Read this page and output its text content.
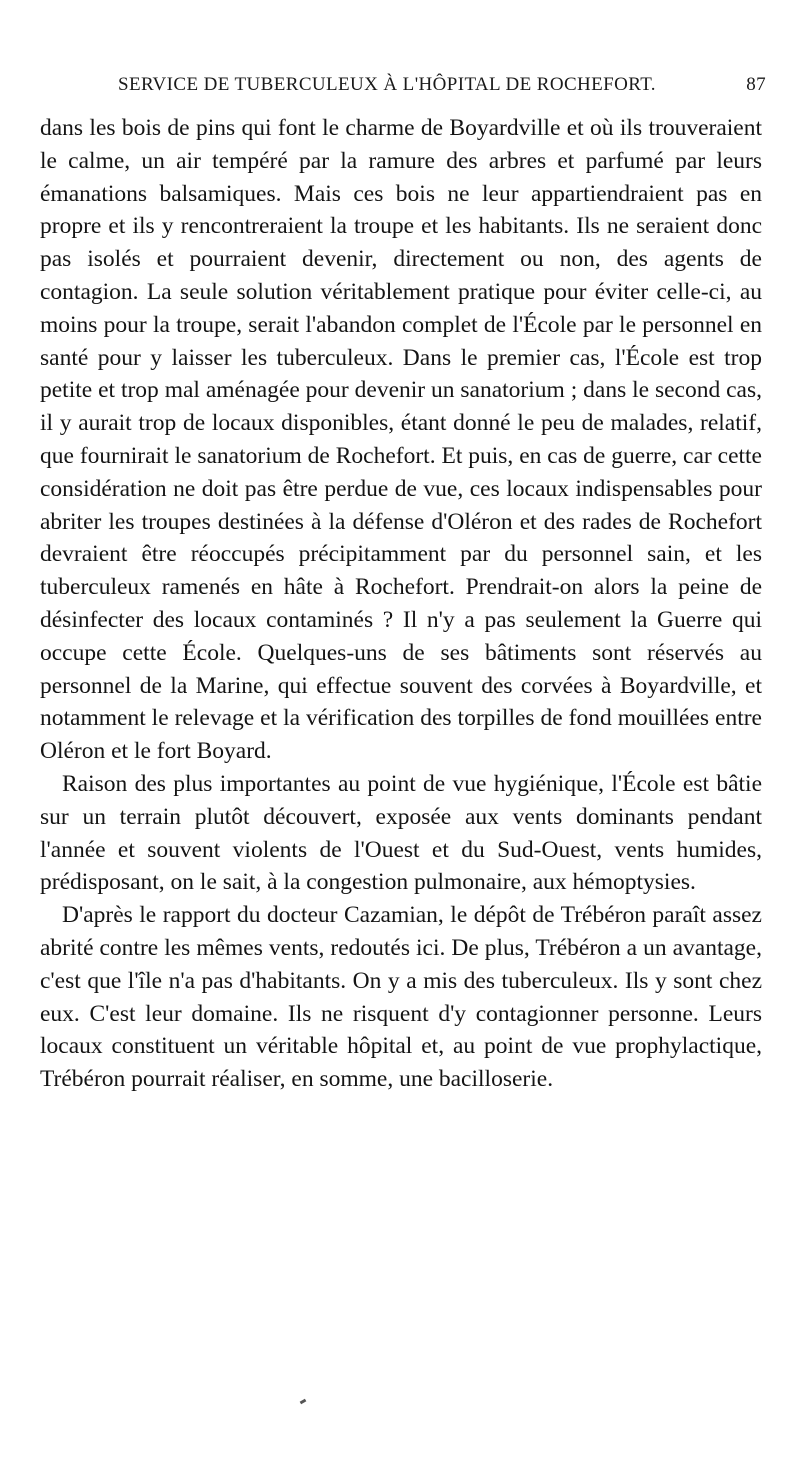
SERVICE DE TUBERCULEUX À L'HÔPITAL DE ROCHEFORT.	87

dans les bois de pins qui font le charme de Boyardville et où ils trouveraient le calme, un air tempéré par la ramure des arbres et parfumé par leurs émanations balsamiques. Mais ces bois ne leur appartiendraient pas en propre et ils y rencontreraient la troupe et les habitants. Ils ne seraient donc pas isolés et pourraient devenir, directement ou non, des agents de contagion. La seule solution véritablement pratique pour éviter celle-ci, au moins pour la troupe, serait l'abandon complet de l'École par le personnel en santé pour y laisser les tuberculeux. Dans le premier cas, l'École est trop petite et trop mal aménagée pour devenir un sanatorium ; dans le second cas, il y aurait trop de locaux disponibles, étant donné le peu de malades, relatif, que fournirait le sanatorium de Rochefort. Et puis, en cas de guerre, car cette considération ne doit pas être perdue de vue, ces locaux indispensables pour abriter les troupes destinées à la défense d'Oléron et des rades de Rochefort devraient être réoccupés précipitamment par du personnel sain, et les tuberculeux ramenés en hâte à Rochefort. Prendrait-on alors la peine de désinfecter des locaux contaminés ? Il n'y a pas seulement la Guerre qui occupe cette École. Quelques-uns de ses bâtiments sont réservés au personnel de la Marine, qui effectue souvent des corvées à Boyardville, et notamment le relevage et la vérification des torpilles de fond mouillées entre Oléron et le fort Boyard.

Raison des plus importantes au point de vue hygiénique, l'École est bâtie sur un terrain plutôt découvert, exposée aux vents dominants pendant l'année et souvent violents de l'Ouest et du Sud-Ouest, vents humides, prédisposant, on le sait, à la congestion pulmonaire, aux hémoptysies.

D'après le rapport du docteur Cazamian, le dépôt de Trébéron paraît assez abrité contre les mêmes vents, redoutés ici. De plus, Trébéron a un avantage, c'est que l'île n'a pas d'habitants. On y a mis des tuberculeux. Ils y sont chez eux. C'est leur domaine. Ils ne risquent d'y contagionner personne. Leurs locaux constituent un véritable hôpital et, au point de vue prophylactique, Trébéron pourrait réaliser, en somme, une bacilloserie.
